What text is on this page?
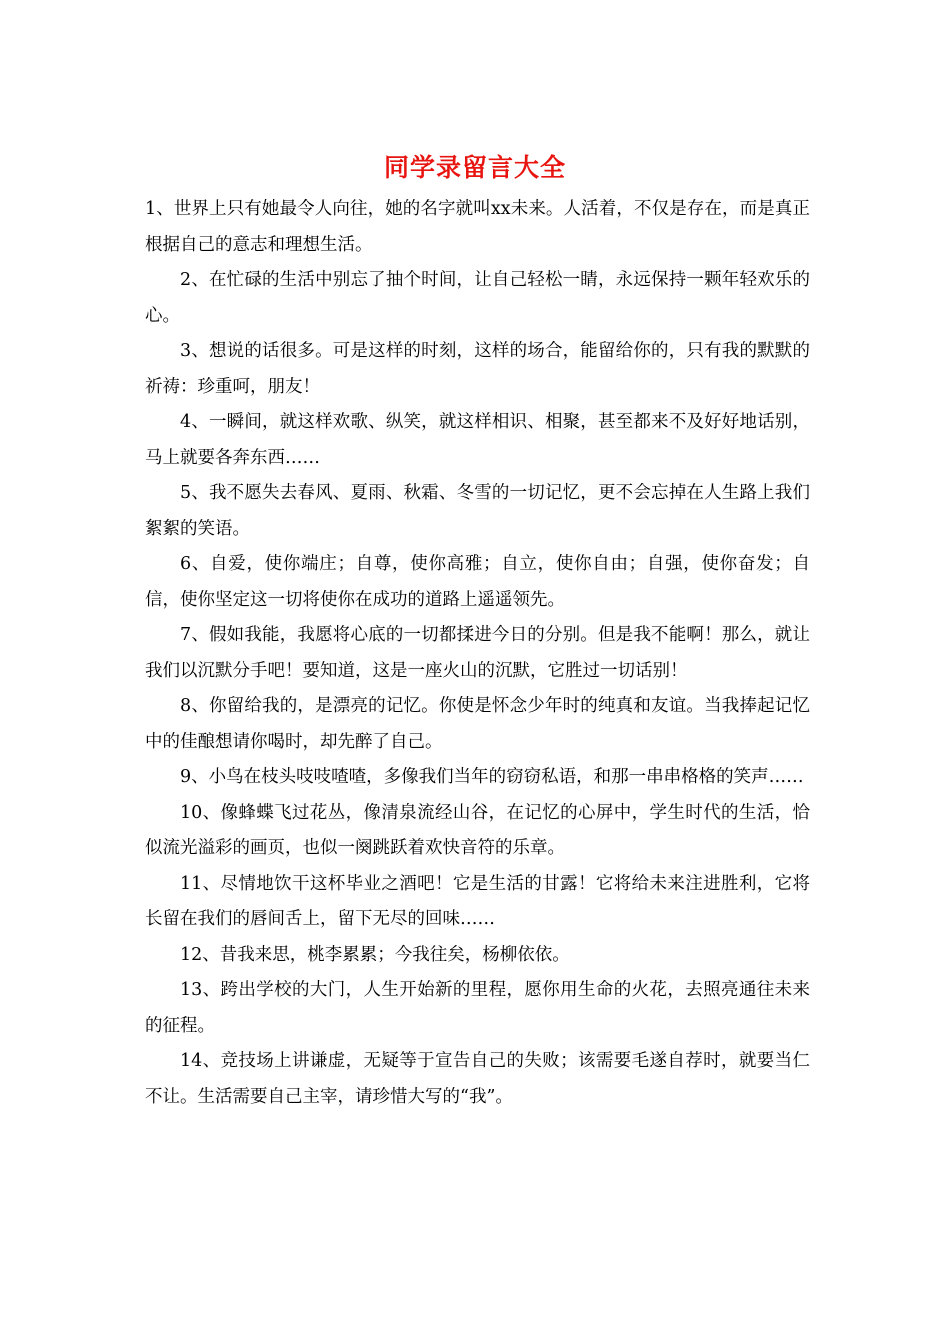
同学录留言大全

1、世界上只有她最令人向往，她的名字就叫xx未来。人活着，不仅是存在，而是真正根据自己的意志和理想生活。

2、在忙碌的生活中别忘了抽个时间，让自己轻松一睛，永远保持一颗年轻欢乐的心。

3、想说的话很多。可是这样的时刻，这样的场合，能留给你的，只有我的默默的祈祷：珍重呵，朋友！

4、一瞬间，就这样欢歌、纵笑，就这样相识、相聚，甚至都来不及好好地话别，马上就要各奔东西……

5、我不愿失去春风、夏雨、秋霜、冬雪的一切记忆，更不会忘掉在人生路上我们絮絮的笑语。

6、自爱，使你端庄；自尊，使你高雅；自立，使你自由；自强，使你奋发；自信，使你坚定这一切将使你在成功的道路上遥遥领先。

7、假如我能，我愿将心底的一切都揉进今日的分别。但是我不能啊！那么，就让我们以沉默分手吧！要知道，这是一座火山的沉默，它胜过一切话别！

8、你留给我的，是漂亮的记忆。你使是怀念少年时的纯真和友谊。当我捧起记忆中的佳酿想请你喝时，却先醉了自己。

9、小鸟在枝头吱吱喳喳，多像我们当年的窃窃私语，和那一串串格格的笑声……

10、像蜂蝶飞过花丛，像清泉流经山谷，在记忆的心屏中，学生时代的生活，恰似流光溢彩的画页，也似一阕跳跃着欢快音符的乐章。

11、尽情地饮干这杯毕业之酒吧！它是生活的甘露！它将给未来注进胜利，它将长留在我们的唇间舌上，留下无尽的回味……

12、昔我来思，桃李累累；今我往矣，杨柳依依。

13、跨出学校的大门，人生开始新的里程，愿你用生命的火花，去照亮通往未来的征程。

14、竞技场上讲谦虚，无疑等于宣告自己的失败；该需要毛遂自荐时，就要当仁不让。生活需要自己主宰，请珍惜大写的“我”。
